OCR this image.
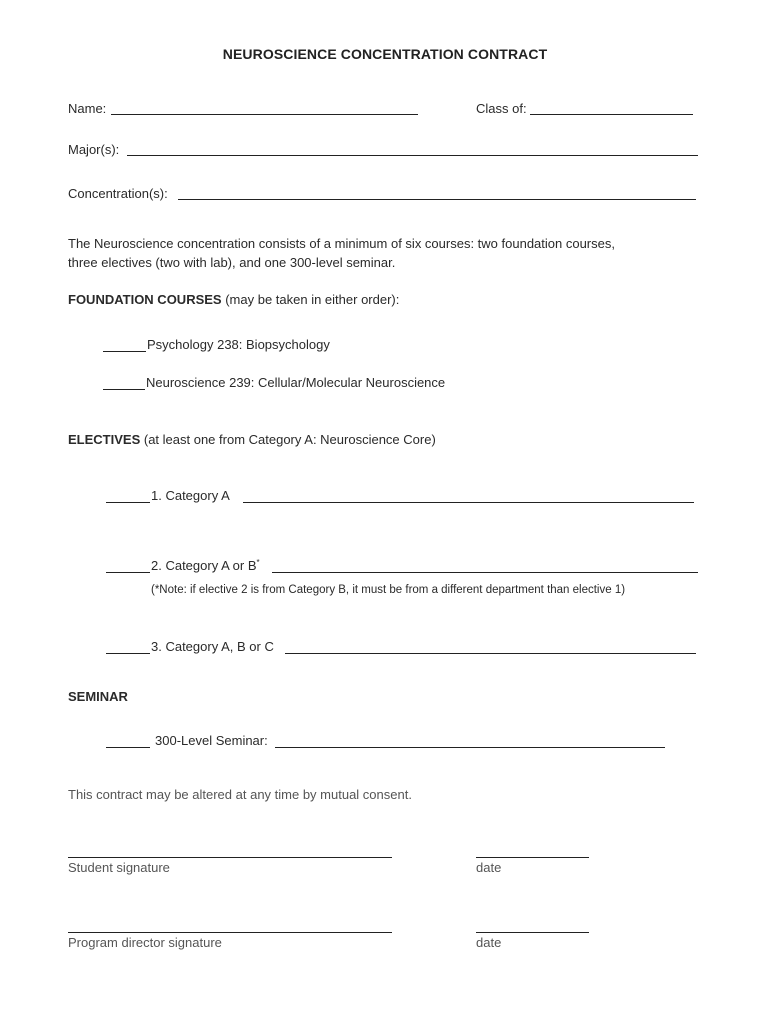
NEUROSCIENCE CONCENTRATION CONTRACT
Name:	Class of:
Major(s):
Concentration(s):
The Neuroscience concentration consists of a minimum of six courses: two foundation courses,
three electives (two with lab), and one 300-level seminar.
FOUNDATION COURSES (may be taken in either order):
Psychology 238: Biopsychology
Neuroscience 239: Cellular/Molecular Neuroscience
ELECTIVES (at least one from Category A: Neuroscience Core)
1. Category A
2. Category A or B*
(*Note: if elective 2 is from Category B, it must be from a different department than elective 1)
3. Category A, B or C
SEMINAR
300-Level Seminar:
This contract may be altered at any time by mutual consent.
Student signature	date
Program director signature	date
